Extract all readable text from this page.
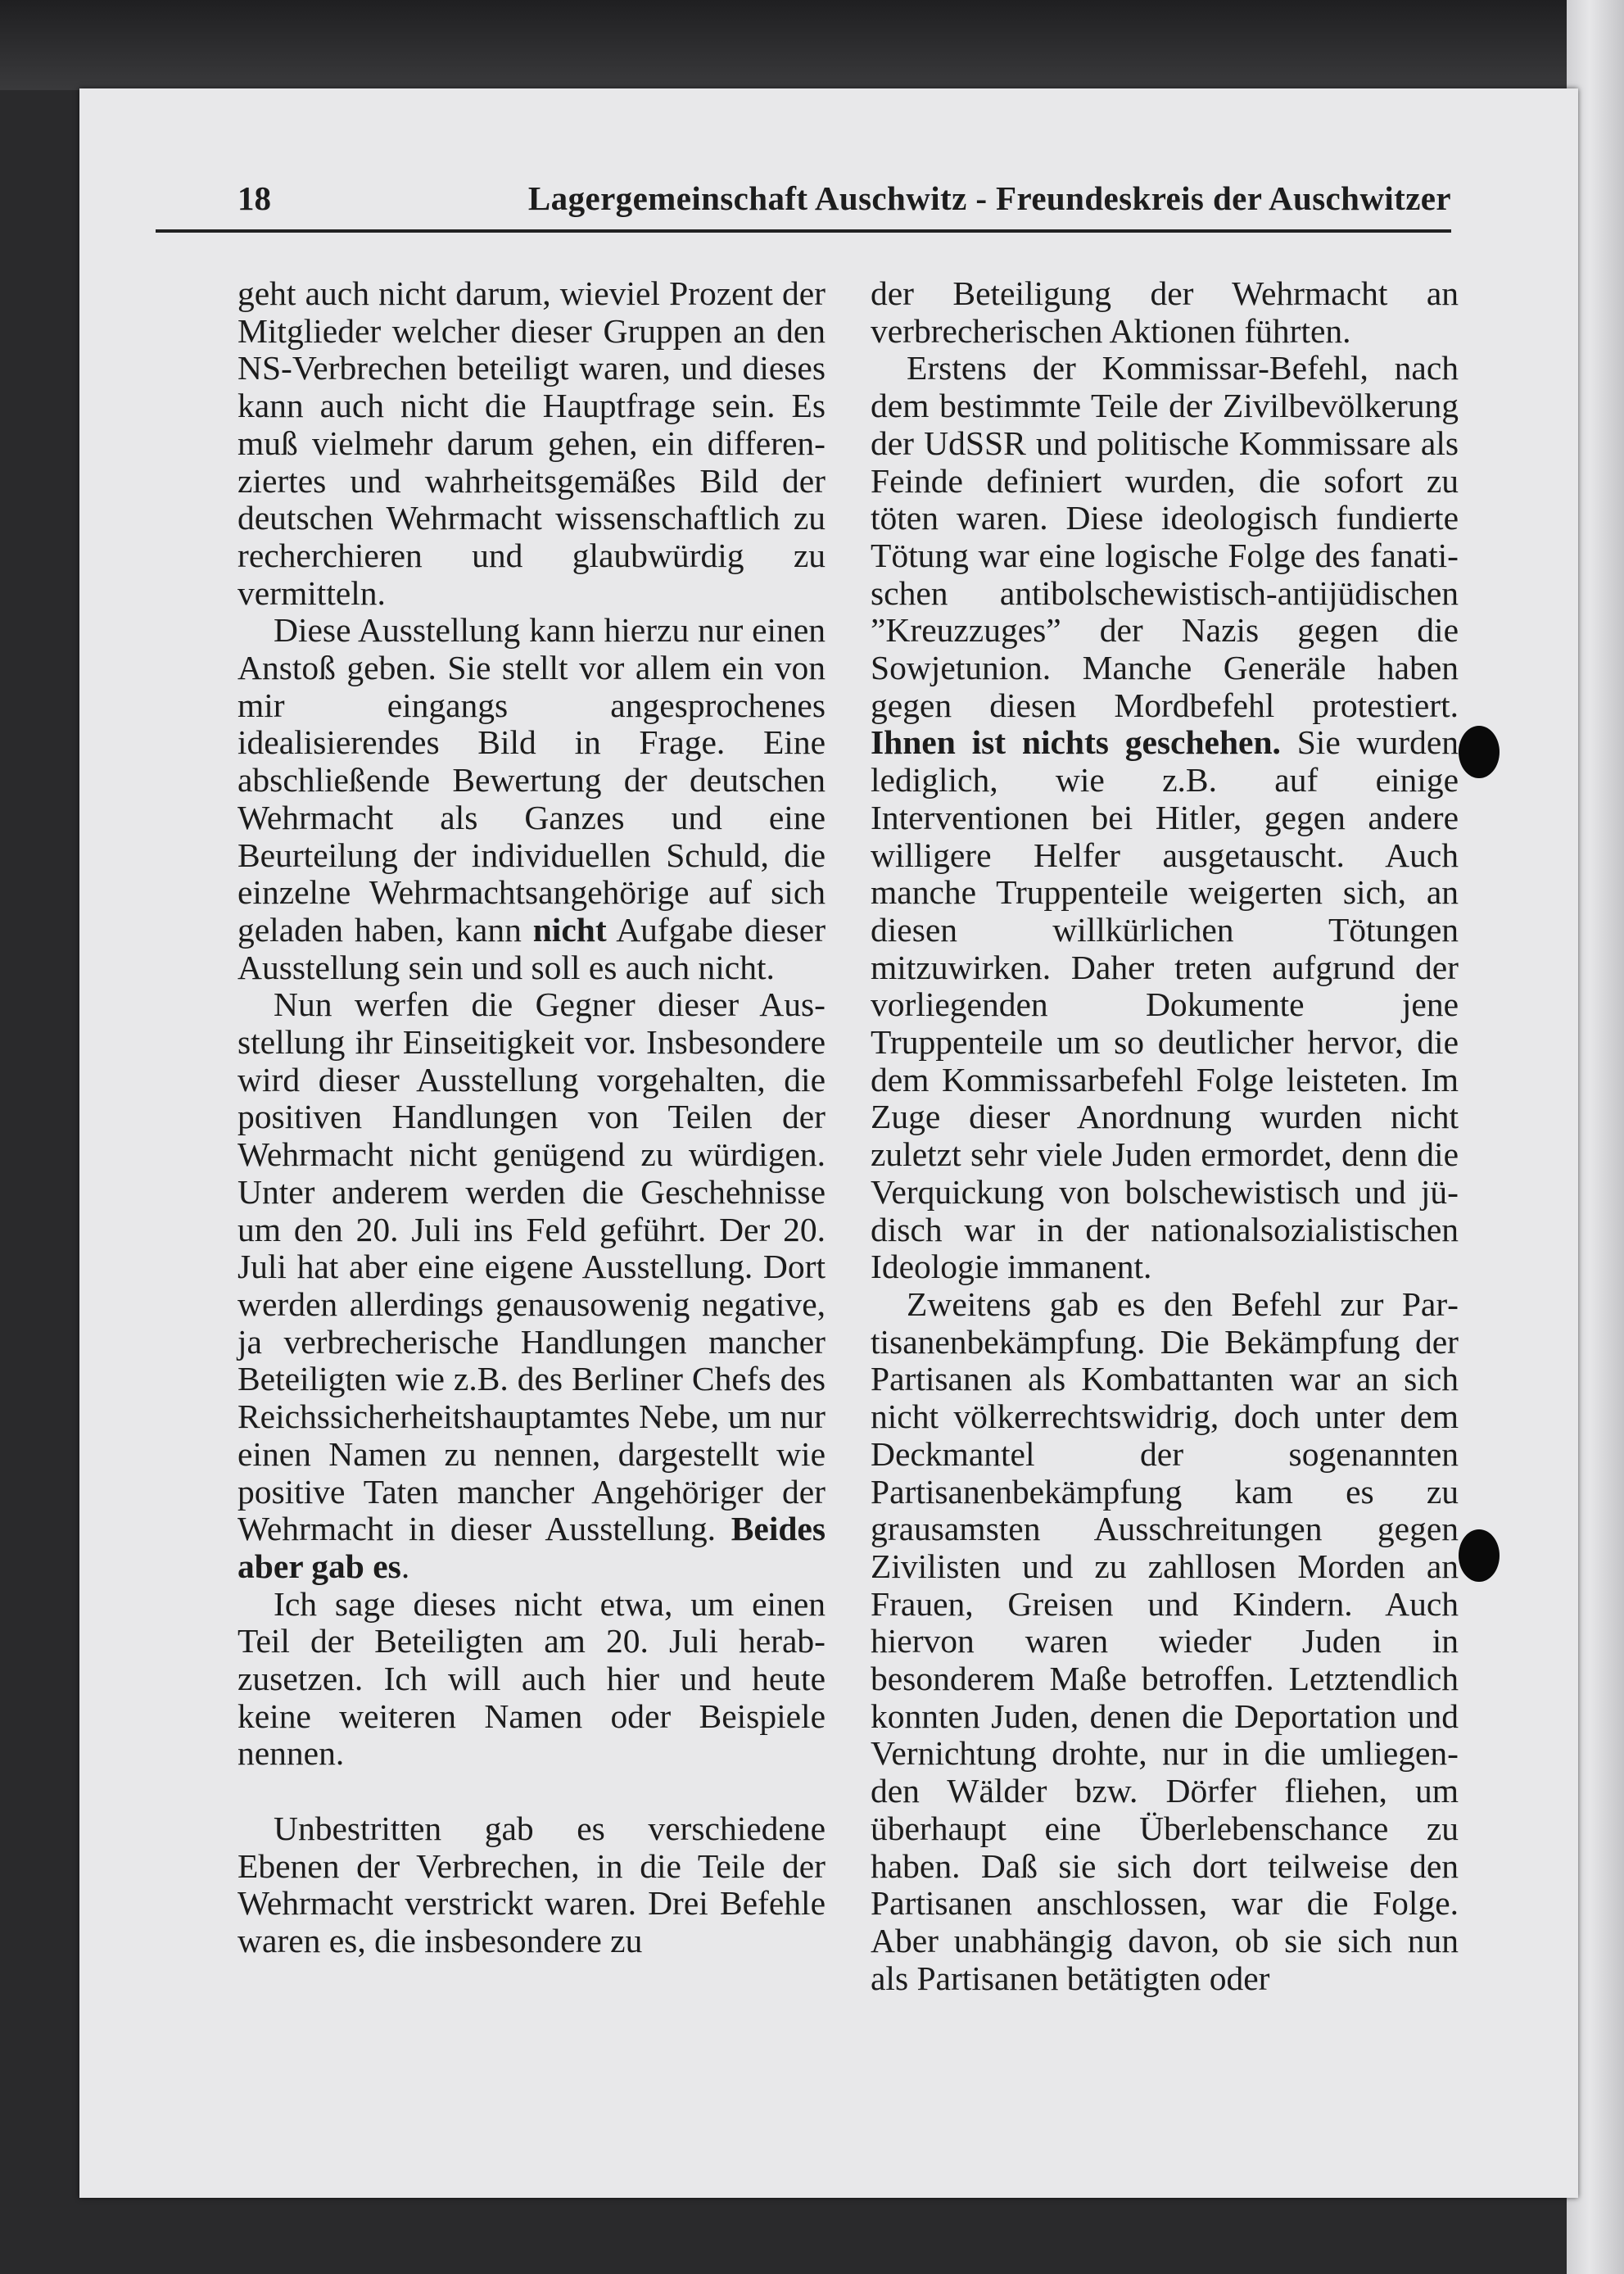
18	Lagergemeinschaft Auschwitz - Freundeskreis der Auschwitzer

geht auch nicht darum, wieviel Prozent der Mitglieder welcher dieser Gruppen an den NS-Verbrechen beteiligt waren, und dieses kann auch nicht die Hauptfrage sein. Es muß vielmehr darum gehen, ein differenziertes und wahrheitsgemäßes Bild der deutschen Wehrmacht wissenschaftlich zu recherchieren und glaubwürdig zu vermitteln.

Diese Ausstellung kann hierzu nur einen Anstoß geben. Sie stellt vor allem ein von mir eingangs angesprochenes idealisierendes Bild in Frage. Eine abschließende Bewertung der deutschen Wehrmacht als Ganzes und eine Beurteilung der individuellen Schuld, die einzelne Wehrmachtsangehörige auf sich geladen haben, kann nicht Aufgabe dieser Ausstellung sein und soll es auch nicht.

Nun werfen die Gegner dieser Ausstellung ihr Einseitigkeit vor. Insbesondere wird dieser Ausstellung vorgehalten, die positiven Handlungen von Teilen der Wehrmacht nicht genügend zu würdigen. Unter anderem werden die Geschehnisse um den 20. Juli ins Feld geführt. Der 20. Juli hat aber eine eigene Ausstellung. Dort werden allerdings genausowenig negative, ja verbrecherische Handlungen mancher Beteiligten wie z.B. des Berliner Chefs des Reichssicherheitshauptamtes Nebe, um nur einen Namen zu nennen, dargestellt wie positive Taten mancher Angehöriger der Wehrmacht in dieser Ausstellung. Beides aber gab es.

Ich sage dieses nicht etwa, um einen Teil der Beteiligten am 20. Juli herabzusetzen. Ich will auch hier und heute keine weiteren Namen oder Beispiele nennen.

Unbestritten gab es verschiedene Ebenen der Verbrechen, in die Teile der Wehrmacht verstrickt waren. Drei Befehle waren es, die insbesondere zu

der Beteiligung der Wehrmacht an verbrecherischen Aktionen führten.

Erstens der Kommissar-Befehl, nach dem bestimmte Teile der Zivilbevölkerung der UdSSR und politische Kommissare als Feinde definiert wurden, die sofort zu töten waren. Diese ideologisch fundierte Tötung war eine logische Folge des fanatischen antibolschewistisch-antijüdischen ”Kreuzzuges” der Nazis gegen die Sowjetunion. Manche Generäle haben gegen diesen Mordbefehl protestiert. Ihnen ist nichts geschehen. Sie wurden lediglich, wie z.B. auf einige Interventionen bei Hitler, gegen andere willigere Helfer ausgetauscht. Auch manche Truppenteile weigerten sich, an diesen willkürlichen Tötungen mitzuwirken. Daher treten aufgrund der vorliegenden Dokumente jene Truppenteile um so deutlicher hervor, die dem Kommissarbefehl Folge leisteten. Im Zuge dieser Anordnung wurden nicht zuletzt sehr viele Juden ermordet, denn die Verquickung von bolschewistisch und jüdisch war in der nationalsozialistischen Ideologie immanent.

Zweitens gab es den Befehl zur Partisanenbekämpfung. Die Bekämpfung der Partisanen als Kombattanten war an sich nicht völkerrechtswidrig, doch unter dem Deckmantel der sogenannten Partisanenbekämpfung kam es zu grausamsten Ausschreitungen gegen Zivilisten und zu zahllosen Morden an Frauen, Greisen und Kindern. Auch hiervon waren wieder Juden in besonderem Maße betroffen. Letztendlich konnten Juden, denen die Deportation und Vernichtung drohte, nur in die umliegenden Wälder bzw. Dörfer fliehen, um überhaupt eine Überlebenschance zu haben. Daß sie sich dort teilweise den Partisanen anschlossen, war die Folge. Aber unabhängig davon, ob sie sich nun als Partisanen betätigten oder
